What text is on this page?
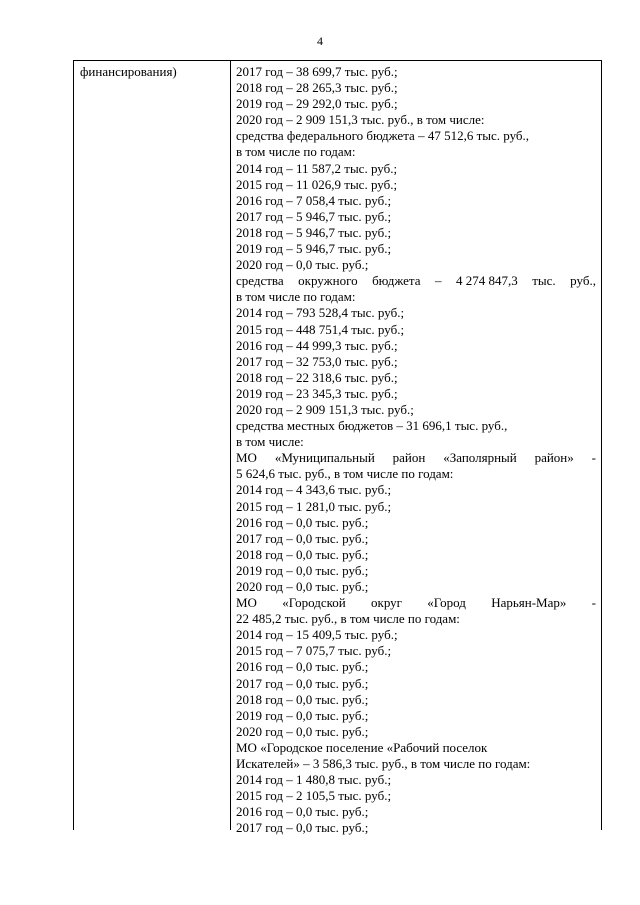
4
финансирования)	2017 год – 38 699,7 тыс. руб.;
2018 год – 28 265,3 тыс. руб.;
2019 год – 29 292,0 тыс. руб.;
2020 год – 2 909 151,3 тыс. руб., в том числе:
средства федерального бюджета – 47 512,6 тыс. руб.,
в том числе по годам:
2014 год – 11 587,2 тыс. руб.;
2015 год – 11 026,9 тыс. руб.;
2016 год – 7 058,4 тыс. руб.;
2017 год – 5 946,7 тыс. руб.;
2018 год – 5 946,7 тыс. руб.;
2019 год – 5 946,7 тыс. руб.;
2020 год – 0,0 тыс. руб.;
средства окружного бюджета – 4 274 847,3 тыс. руб.,
в том числе по годам:
2014 год – 793 528,4 тыс. руб.;
2015 год – 448 751,4 тыс. руб.;
2016 год – 44 999,3 тыс. руб.;
2017 год – 32 753,0 тыс. руб.;
2018 год – 22 318,6 тыс. руб.;
2019 год – 23 345,3 тыс. руб.;
2020 год – 2 909 151,3 тыс. руб.;
средства местных бюджетов – 31 696,1 тыс. руб.,
в том числе:
МО «Муниципальный район «Заполярный район» -
5 624,6 тыс. руб., в том числе по годам:
2014 год – 4 343,6 тыс. руб.;
2015 год – 1 281,0 тыс. руб.;
2016 год – 0,0 тыс. руб.;
2017 год – 0,0 тыс. руб.;
2018 год – 0,0 тыс. руб.;
2019 год – 0,0 тыс. руб.;
2020 год – 0,0 тыс. руб.;
МО «Городской округ «Город Нарьян-Мар» -
22 485,2 тыс. руб., в том числе по годам:
2014 год – 15 409,5 тыс. руб.;
2015 год – 7 075,7 тыс. руб.;
2016 год – 0,0 тыс. руб.;
2017 год – 0,0 тыс. руб.;
2018 год – 0,0 тыс. руб.;
2019 год – 0,0 тыс. руб.;
2020 год – 0,0 тыс. руб.;
МО «Городское поселение «Рабочий поселок
Искателей» – 3 586,3 тыс. руб., в том числе по годам:
2014 год – 1 480,8 тыс. руб.;
2015 год – 2 105,5 тыс. руб.;
2016 год – 0,0 тыс. руб.;
2017 год – 0,0 тыс. руб.;
